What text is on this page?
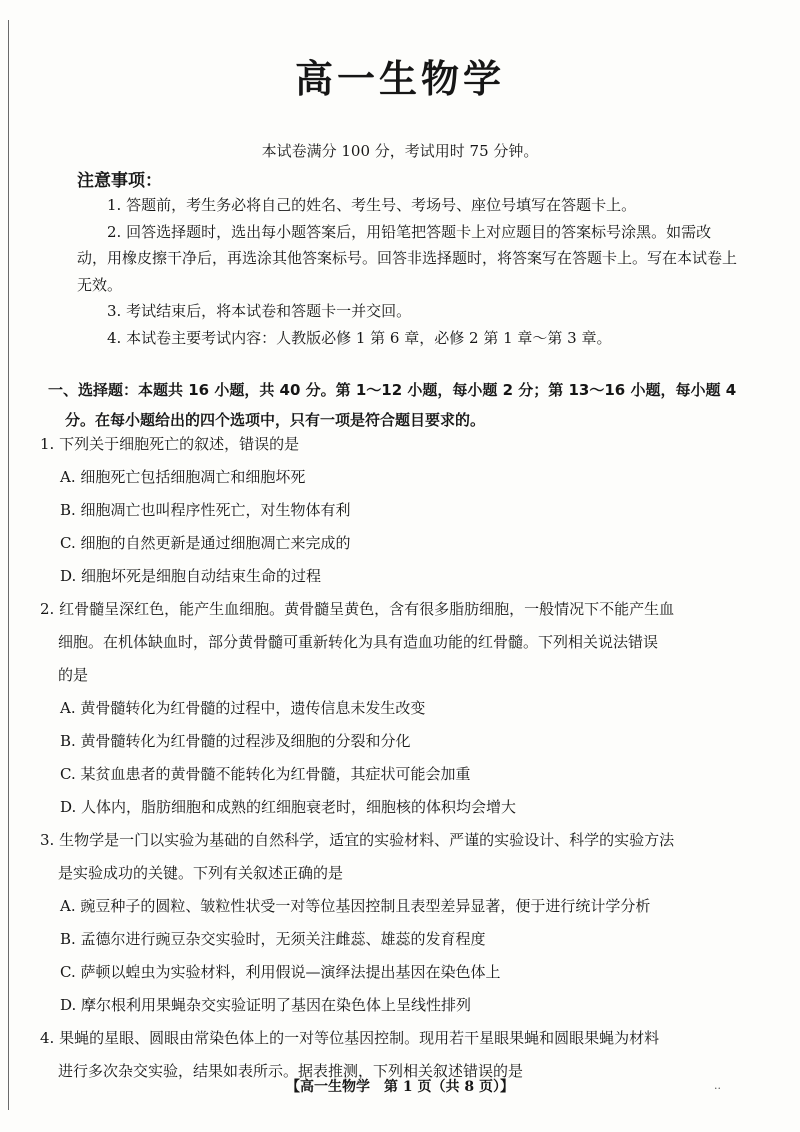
高一生物学
本试卷满分 100 分，考试用时 75 分钟。
注意事项：

1. 答题前，考生务必将自己的姓名、考生号、考场号、座位号填写在答题卡上。

2. 回答选择题时，选出每小题答案后，用铅笔把答题卡上对应题目的答案标号涂黑。如需改动，用橡皮擦干净后，再选涂其他答案标号。回答非选择题时，将答案写在答题卡上。写在本试卷上无效。

3. 考试结束后，将本试卷和答题卡一并交回。

4. 本试卷主要考试内容：人教版必修 1 第 6 章，必修 2 第 1 章～第 3 章。

一、选择题：本题共 16 小题，共 40 分。第 1～12 小题，每小题 2 分；第 13～16 小题，每小题 4
分。在每小题给出的四个选项中，只有一项是符合题目要求的。

1. 下列关于细胞死亡的叙述，错误的是

A. 细胞死亡包括细胞凋亡和细胞坏死

B. 细胞凋亡也叫程序性死亡，对生物体有利

C. 细胞的自然更新是通过细胞凋亡来完成的

D. 细胞坏死是细胞自动结束生命的过程

2. 红骨髓呈深红色，能产生血细胞。黄骨髓呈黄色，含有很多脂肪细胞，一般情况下不能产生血
细胞。在机体缺血时，部分黄骨髓可重新转化为具有造血功能的红骨髓。下列相关说法错误
的是

A. 黄骨髓转化为红骨髓的过程中，遗传信息未发生改变

B. 黄骨髓转化为红骨髓的过程涉及细胞的分裂和分化

C. 某贫血患者的黄骨髓不能转化为红骨髓，其症状可能会加重

D. 人体内，脂肪细胞和成熟的红细胞衰老时，细胞核的体积均会增大

3. 生物学是一门以实验为基础的自然科学，适宜的实验材料、严谨的实验设计、科学的实验方法
是实验成功的关键。下列有关叙述正确的是

A. 豌豆种子的圆粒、皱粒性状受一对等位基因控制且表型差异显著，便于进行统计学分析

B. 孟德尔进行豌豆杂交实验时，无须关注雌蕊、雄蕊的发育程度

C. 萨顿以蝗虫为实验材料，利用假说—演绎法提出基因在染色体上

D. 摩尔根利用果蝇杂交实验证明了基因在染色体上呈线性排列

4. 果蝇的星眼、圆眼由常染色体上的一对等位基因控制。现用若干星眼果蝇和圆眼果蝇为材料
进行多次杂交实验，结果如表所示。据表推测，下列相关叙述错误的是

【高一生物学　第 1 页（共 8 页）】	··
